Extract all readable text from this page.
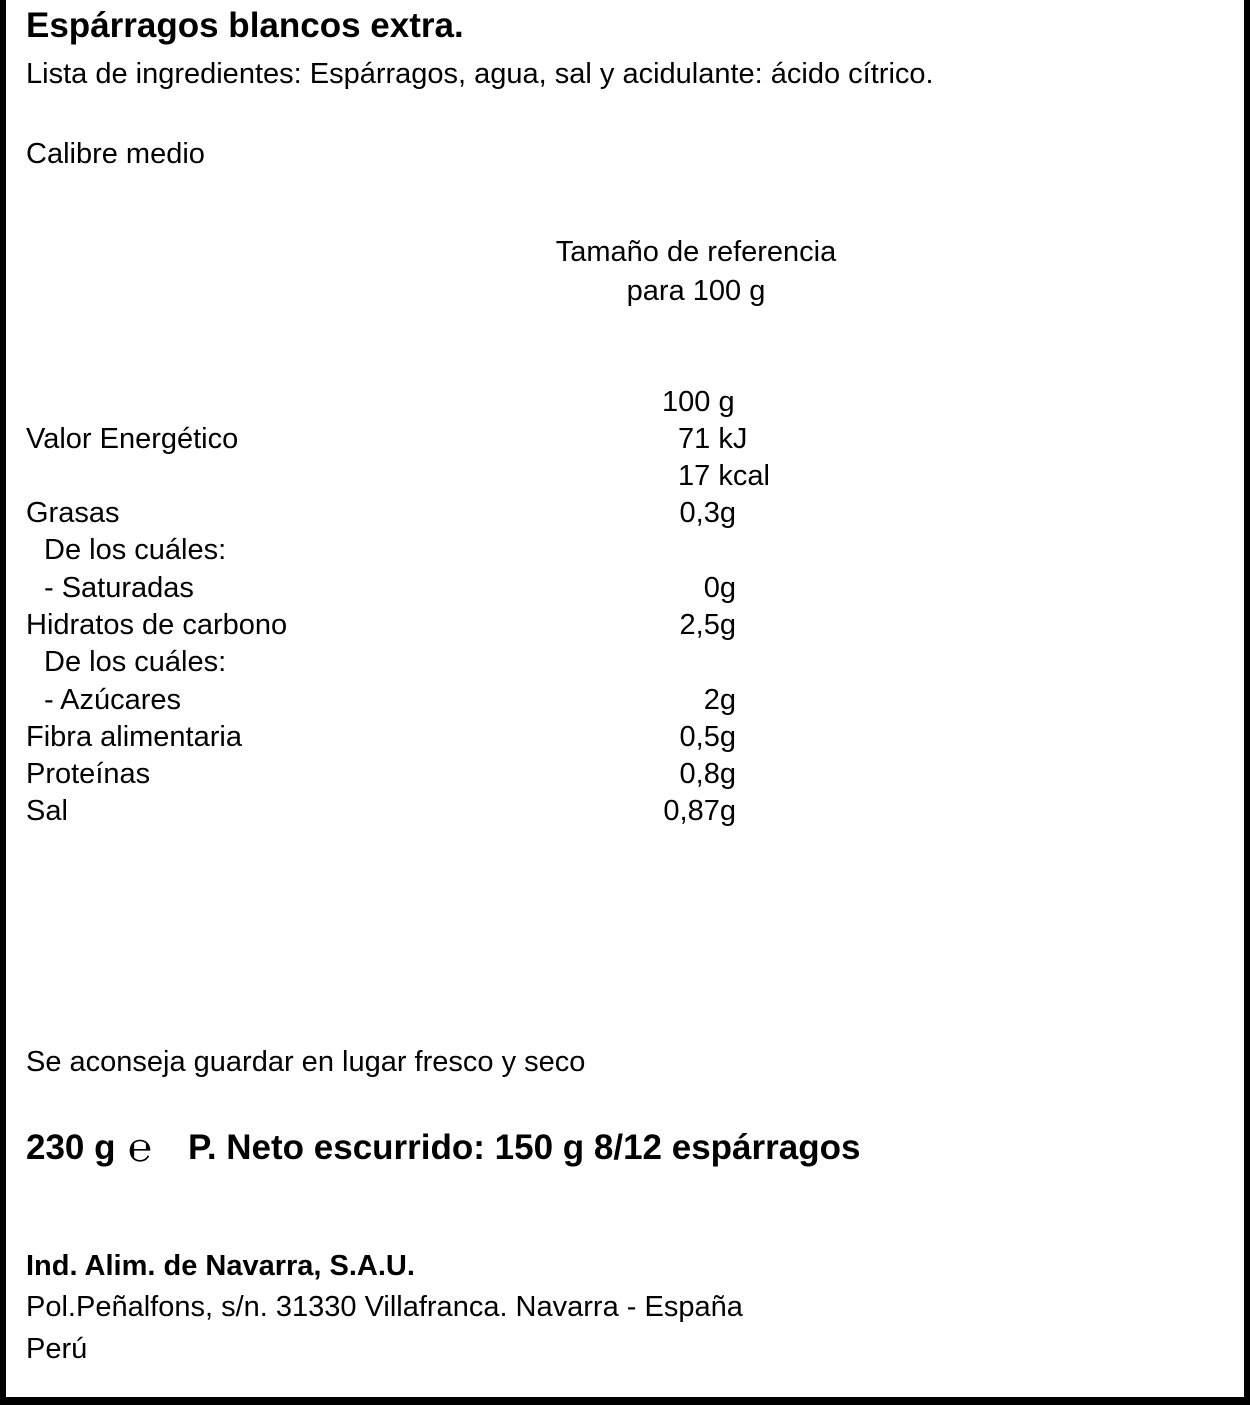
Espárragos blancos extra.
Lista de ingredientes: Espárragos, agua, sal y acidulante: ácido cítrico.
Calibre medio
Tamaño de referencia
para 100 g
100 g
Valor Energético	71 kJ
17 kcal
Grasas	0,3g
De los cuáles:
- Saturadas	0g
Hidratos de carbono	2,5g
De los cuáles:
- Azúcares	2g
Fibra alimentaria	0,5g
Proteínas	0,8g
Sal	0,87g
Se aconseja guardar en lugar fresco y seco
230 g ℮ P. Neto escurrido: 150 g 8/12 espárragos
Ind. Alim. de Navarra, S.A.U.
Pol.Peñalfons, s/n. 31330 Villafranca. Navarra - España
Perú
